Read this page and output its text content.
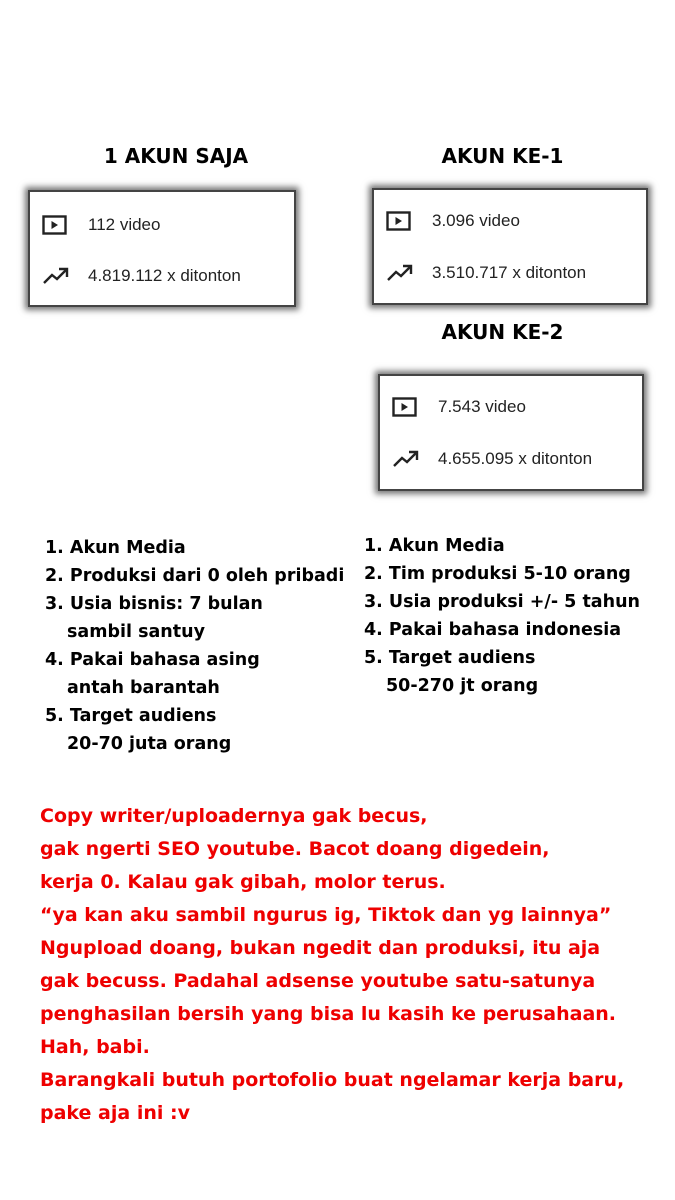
1 AKUN SAJA
112 video
4.819.112 x ditonton
AKUN KE-1
3.096 video
3.510.717 x ditonton
AKUN KE-2
7.543 video
4.655.095 x ditonton
1. Akun Media
2. Produksi dari 0 oleh pribadi
3. Usia bisnis: 7 bulan
sambil santuy
4. Pakai bahasa asing
antah barantah
5. Target audiens
20-70 juta orang
1. Akun Media
2. Tim produksi 5-10 orang
3. Usia produksi +/- 5 tahun
4. Pakai bahasa indonesia
5. Target audiens
50-270 jt orang
Copy writer/uploadernya gak becus,
gak ngerti SEO youtube. Bacot doang digedein,
kerja 0. Kalau gak gibah, molor terus.
“ya kan aku sambil ngurus ig, Tiktok dan yg lainnya”
Ngupload doang, bukan ngedit dan produksi, itu aja
gak becuss. Padahal adsense youtube satu-satunya
penghasilan bersih yang bisa lu kasih ke perusahaan.
Hah, babi.
Barangkali butuh portofolio buat ngelamar kerja baru,
pake aja ini :v
